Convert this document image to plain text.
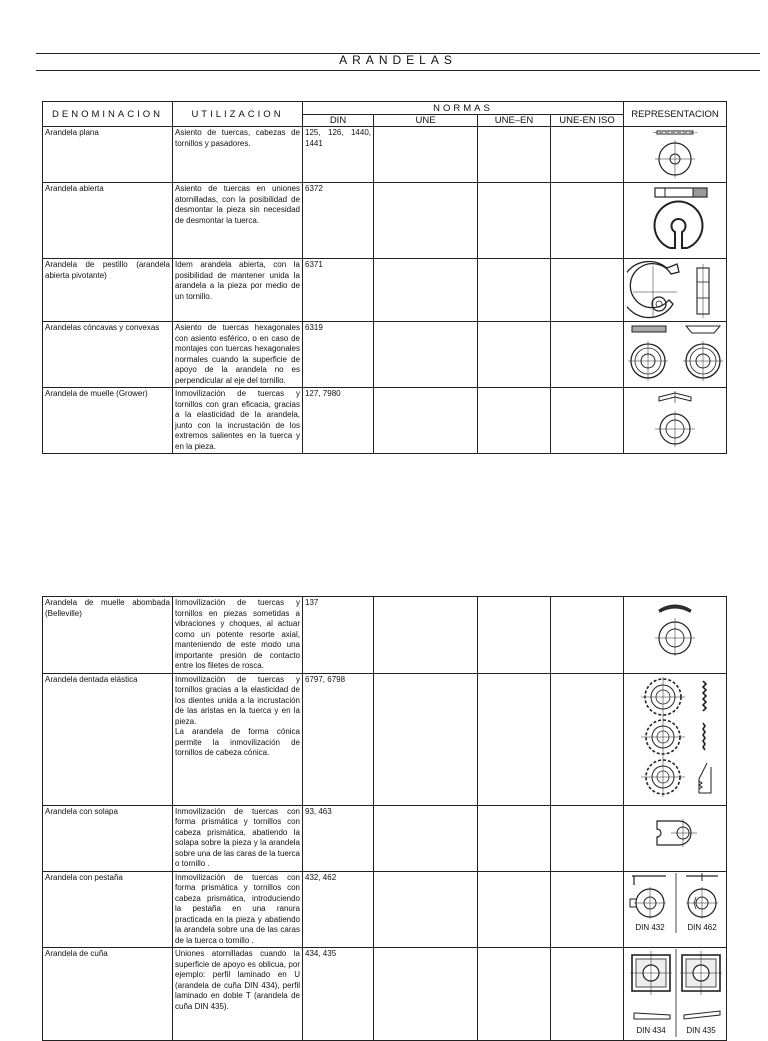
ARANDELAS
DENOMINACION	UTILIZACION	NORMAS				REPRESENTACION
		DIN	UNE	UNE–EN	UNE-EN ISO	
Arandela plana	Asiento de tuercas, cabezas de tornillos y pasadores.	125, 126, 1440, 1441				

Arandela abierta	Asiento de tuercas en uniones atornilladas, con la posibilidad de desmontar la pieza sin necesidad de desmontar la tuerca.	6372				

Arandela de pestillo (arandela abierta pivotante)	Idem arandela abierta, con la posibilidad de mantener unida la arandela a la pieza por medio de un tornillo.	6371				

Arandelas cóncavas y convexas	Asiento de tuercas hexagonales con asiento esférico, o en caso de montajes con tuercas hexagonales normales cuando la superficie de apoyo de la arandela no es perpendicular al eje del tornillo.	6319				

Arandela de muelle (Grower)	Inmovilización de tuercas y tornillos con gran eficacia, gracias a la elasticidad de la arandela, junto con la incrustación de los extremos salientes en la tuerca y en la pieza.	127, 7980				
Arandela de muelle abombada (Belleville)	Inmovilización de tuercas y tornillos en piezas sometidas a vibraciones y choques, al actuar como un potente resorte axial, manteniendo de este modo una importante presión de contacto entre los filetes de rosca.	137				

Arandela dentada elástica	Inmovilización de tuercas y tornillos gracias a la elasticidad de los dientes unida a la incrustación de las aristas en la tuerca y en la pieza.
La arandela de forma cónica permite la inmovilización de tornillos de cabeza cónica.	6797, 6798				

Arandela con solapa	Inmovilización de tuercas con forma prismática y tornillos con cabeza prismática, abatiendo la solapa sobre la pieza y la arandela sobre una de las caras de la tuerca o tornillo .	93, 463				

Arandela con pestaña	Inmovilización de tuercas con forma prismática y tornillos con cabeza prismática, introduciendo la pestaña en una ranura practicada en la pieza y abatiendo la arandela sobre una de las caras de la tuerca o tornillo .	432, 462				DIN 432 DIN 462

Arandela de cuña	Uniones atornilladas cuando la superficie de apoyo es oblicua, por ejemplo: perfil laminado en U (arandela de cuña DIN 434), perfil laminado en doble T (arandela de cuña DIN 435).	434, 435				DIN 434 DIN 435
